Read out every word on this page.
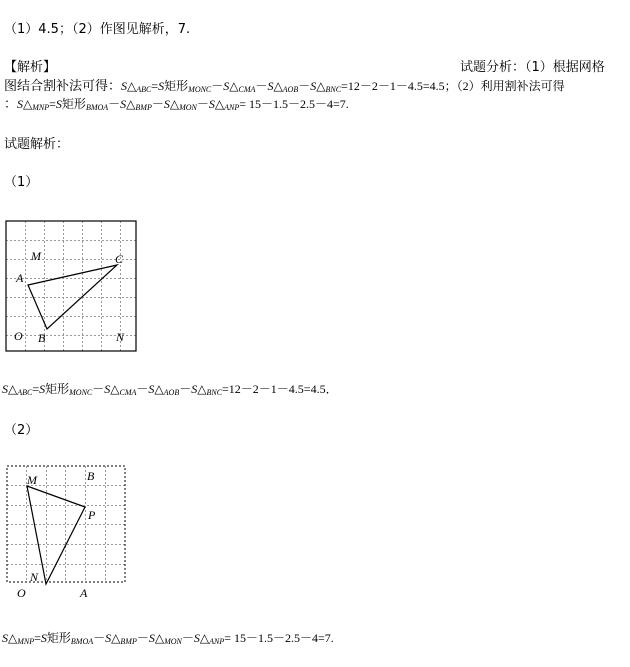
（1）4.5；（2）作图见解析，7.
【解析】	试题分析：（1）根据网格
图结合割补法可得：$S\triangle_{ABC}=S$矩形$_{MONC}-S\triangle_{CMA}-S\triangle_{AOB}-S\triangle_{BNC}=12-2-1-4.5=4.5$；（2）利用割补法可得
：$S\triangle_{MNP}=S$矩形$_{BMOA}-S\triangle_{BMP}-S\triangle_{MON}-S\triangle_{ANP}= 15-1.5-2.5-4=7$.
试题解析：
（1）
M
A
C
O B	N
$S\triangle_{ABC}=S$矩形$_{MONC}-S\triangle_{CMA}-S\triangle_{AOB}-S\triangle_{BNC}=12-2-1-4.5=4.5$．
（2）
M	B
P
N
O	A
$S\triangle_{MNP}=S$矩形$_{BMOA}-S\triangle_{BMP}-S\triangle_{MON}-S\triangle_{ANP}= 15-1.5-2.5-4=7$.
